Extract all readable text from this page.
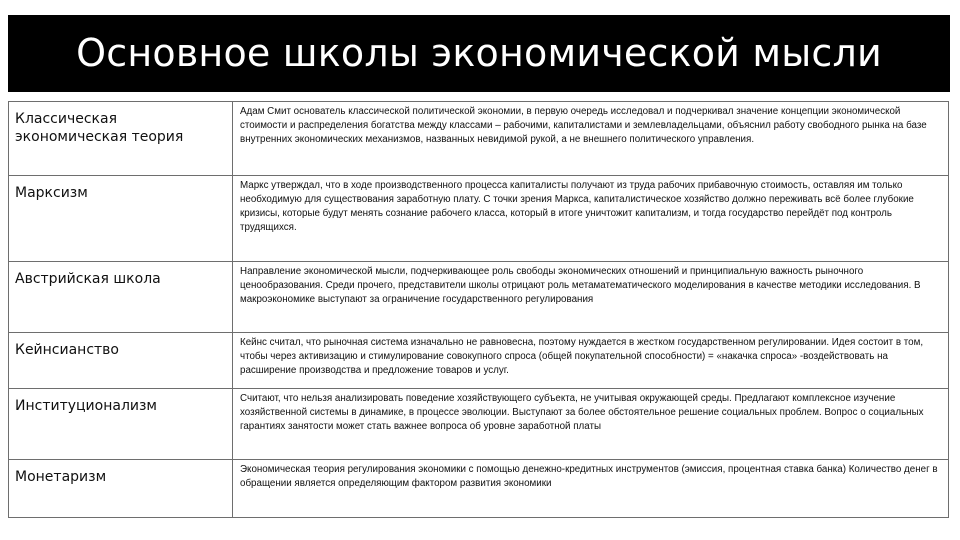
Основное школы экономической мысли
Классическая экономическая теория	Адам Смит основатель классической политической экономии, в первую очередь исследовал и подчеркивал значение концепции экономической стоимости и распределения богатства между классами – рабочими, капиталистами и землевладельцами, объяснил работу свободного рынка на базе внутренних экономических механизмов, названных невидимой рукой, а не внешнего политического управления.
Марксизм	Маркс утверждал, что в ходе производственного процесса капиталисты получают из труда рабочих прибавочную стоимость, оставляя им только необходимую для существования заработную плату. С точки зрения Маркса, капиталистическое хозяйство должно переживать всё более глубокие кризисы, которые будут менять сознание рабочего класса, который в итоге уничтожит капитализм, и тогда государство перейдёт под контроль трудящихся.
Австрийская школа	Направление экономической мысли, подчеркивающее роль свободы экономических отношений и принципиальную важность рыночного ценообразования. Среди прочего, представители школы отрицают роль метаматематического моделирования в качестве методики исследования. В макроэкономике выступают за ограничение государственного регулирования
Кейнсианство	Кейнс считал, что рыночная система изначально не равновесна, поэтому нуждается в жестком государственном регулировании. Идея состоит в том, чтобы через активизацию и стимулирование совокупного спроса (общей покупательной способности) = «накачка спроса» -воздействовать на расширение производства и предложение товаров и услуг.
Институционализм	Считают, что нельзя анализировать поведение хозяйствующего субъекта, не учитывая окружающей среды. Предлагают комплексное изучение хозяйственной системы в динамике, в процессе эволюции. Выступают за более обстоятельное решение социальных проблем. Вопрос о социальных гарантиях занятости может стать важнее вопроса об уровне заработной платы
Монетаризм	Экономическая теория регулирования экономики с помощью денежно-кредитных инструментов (эмиссия, процентная ставка банка) Количество денег в обращении является определяющим фактором развития экономики
